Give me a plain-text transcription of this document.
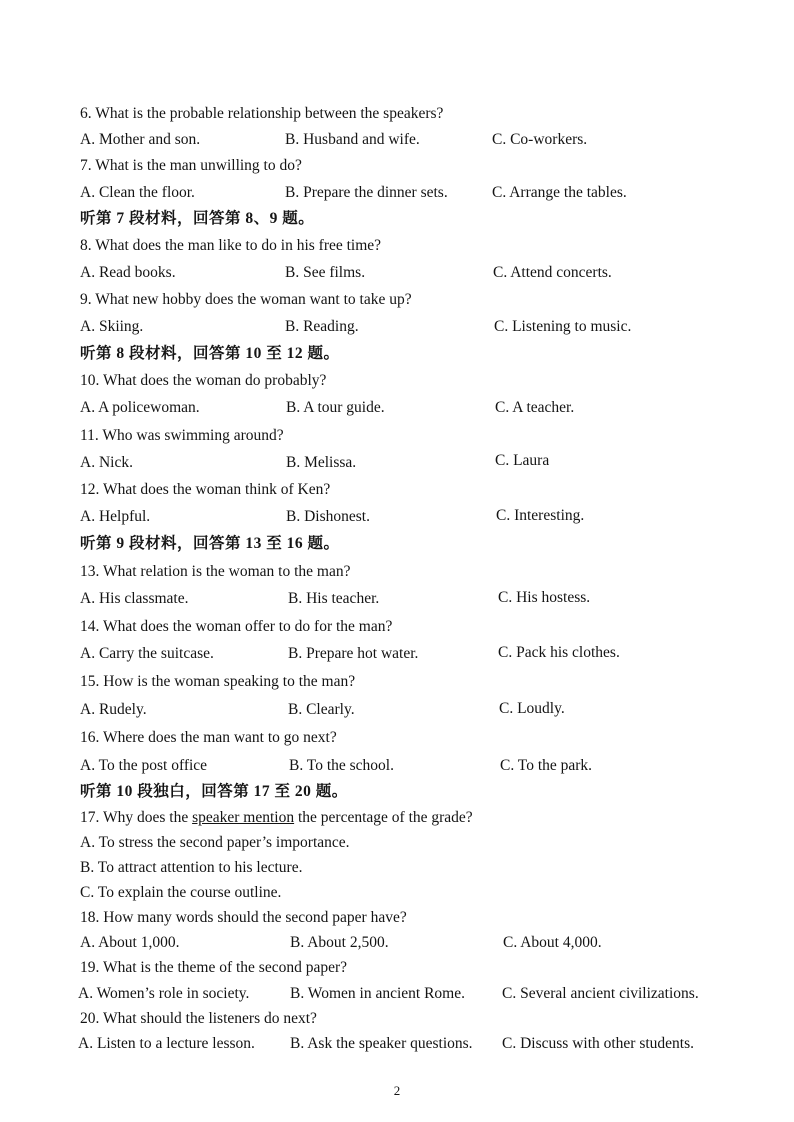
6. What is the probable relationship between the speakers?
A. Mother and son.	B. Husband and wife.	C. Co-workers.
7. What is the man unwilling to do?
A. Clean the floor.	B. Prepare the dinner sets.	C. Arrange the tables.
听第 7 段材料，回答第 8、9 题。
8. What does the man like to do in his free time?
A. Read books.	B. See films.	C. Attend concerts.
9. What new hobby does the woman want to take up?
A. Skiing.	B. Reading.	C. Listening to music.
听第 8 段材料，回答第 10 至 12 题。
10. What does the woman do probably?
A. A policewoman.	B. A tour guide.	C. A teacher.
11. Who was swimming around?
A. Nick.	B. Melissa.	C. Laura
12. What does the woman think of Ken?
A. Helpful.	B. Dishonest.	C. Interesting.
听第 9 段材料，回答第 13 至 16 题。
13. What relation is the woman to the man?
A. His classmate.	B. His teacher.	C. His hostess.
14. What does the woman offer to do for the man?
A. Carry the suitcase.	B. Prepare hot water.	C. Pack his clothes.
15. How is the woman speaking to the man?
A. Rudely.	B. Clearly.	C. Loudly.
16. Where does the man want to go next?
A. To the post office	B. To the school.	C. To the park.
听第 10 段独白，回答第 17 至 20 题。
17. Why does the speaker mention the percentage of the grade?
A. To stress the second paper’s importance.
B. To attract attention to his lecture.
C. To explain the course outline.
18. How many words should the second paper have?
A. About 1,000.	B. About 2,500.	C. About 4,000.
19. What is the theme of the second paper?
A. Women’s role in society.	B. Women in ancient Rome. C. Several ancient civilizations.
20. What should the listeners do next?
A. Listen to a lecture lesson. B. Ask the speaker questions. C. Discuss with other students.
2
